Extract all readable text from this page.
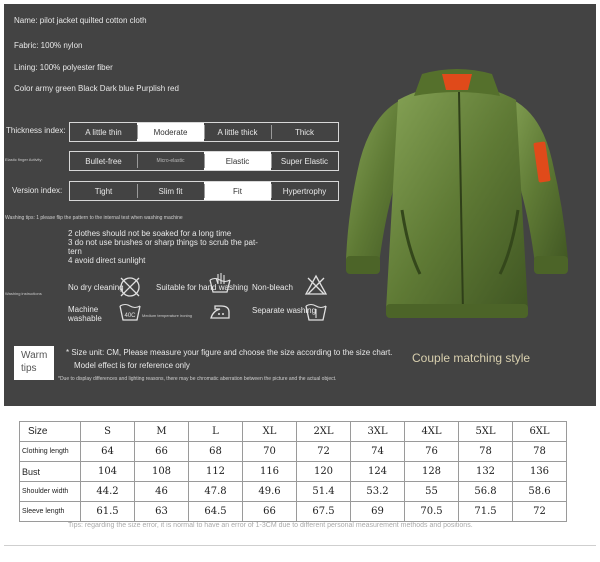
Name: pilot jacket quilted cotton cloth
Fabric: 100% nylon
Lining: 100% polyester fiber
Color army green Black Dark blue Purplish red
Thickness index:	A little thin	Moderate	A little thick	Thick
Elastic finger Activity:	Bullet-free	Micro-elastic	Elastic	Super Elastic
Version index:	Tight	Slim fit	Fit	Hypertrophy
Washing tips: 1 please flip the pattern to the internal test when washing machine
2 clothes should not be soaked for a long time
3 do not use brushes or sharp things to scrub the pat-
tern
4 avoid direct sunlight
Washing instructions
No dry cleaning	Suitable for hand washing Non-bleach
Machine washable	40C Medium temperature ironing
Separate washing
Warm tips
* Size unit: CM, Please measure your figure and choose the size according to the size chart.
Model effect is for reference only
*Due to display differences and lighting reasons, there may be chromatic aberration between the picture and the actual object.
Couple matching style
Size	S	M	L	XL	2XL	3XL	4XL	5XL	6XL
Clothing length	64	66	68	70	72	74	76	78	78
Bust	104	108	112	116	120	124	128	132	136
Shoulder width	44.2	46	47.8	49.6	51.4	53.2	55	56.8	58.6
Sleeve length	61.5	63	64.5	66	67.5	69	70.5	71.5	72
Tips: regarding the size error, it is normal to have an error of 1-3CM due to different personal measurement methods and positions.
